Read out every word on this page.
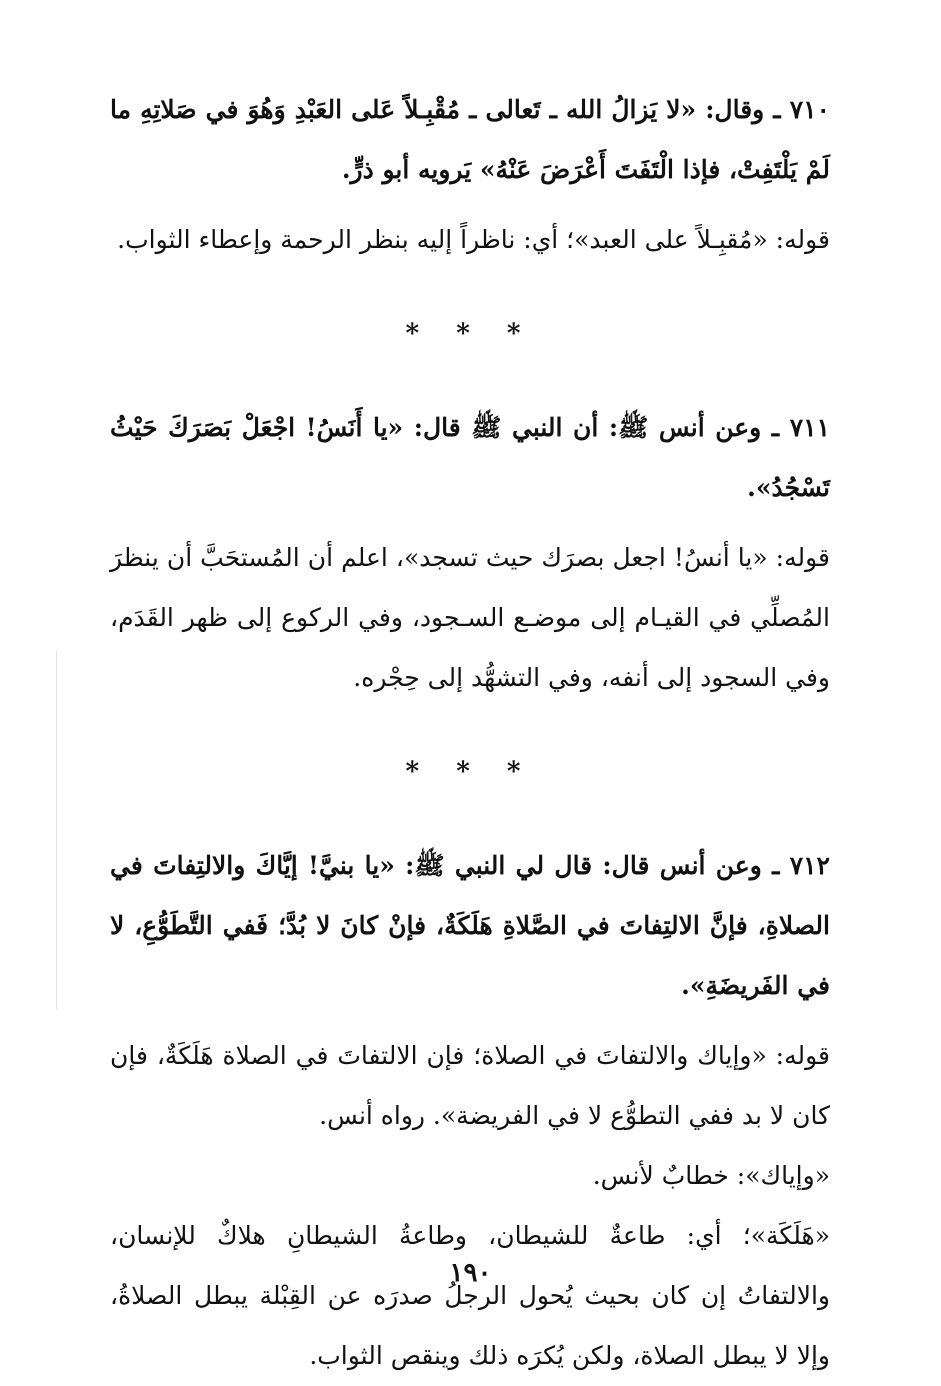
٧١٠ ـ وقال: «لا يَزالُ الله ـ تَعالى ـ مُقْبِـلاً عَلى العَبْدِ وَهُوَ في صَلاتِهِ ما لَمْ يَلْتَفِتْ، فإذا الْتَفَتَ أَعْرَضَ عَنْهُ» يَرويه أبو ذرٍّ.

قوله: «مُقبِـلاً على العبد»؛ أي: ناظراً إليه بنظر الرحمة وإعطاء الثواب.

* * *

٧١١ ـ وعن أنس ﷺ: أن النبي ﷺ قال: «يا أَنَسُ! اجْعَلْ بَصَرَكَ حَيْثُ تَسْجُدُ».

قوله: «يا أنسُ! اجعل بصرَك حيث تسجد»، اعلم أن المُستحَبَّ أن ينظرَ المُصلِّي في القيـام إلى موضـع السـجود، وفي الركوع إلى ظهر القَدَم، وفي السجود إلى أنفه، وفي التشهُّد إلى حِجْره.

* * *

٧١٢ ـ وعن أنس قال: قال لي النبي ﷺ: «يا بنيَّ! إيَّاكَ والالتِفاتَ في الصلاةِ، فإنَّ الالتِفاتَ في الصَّلاةِ هَلَكَةٌ، فإنْ كانَ لا بُدَّ؛ فَفي التَّطَوُّعِ، لا في الفَريضَةِ».

قوله: «وإياك والالتفاتَ في الصلاة؛ فإن الالتفاتَ في الصلاة هَلَكَةٌ، فإن كان لا بد ففي التطوُّع لا في الفريضة». رواه أنس.

«وإياك»: خطابٌ لأنس.

«هَلَكَة»؛ أي: طاعةٌ للشيطان، وطاعةُ الشيطانِ هلاكٌ للإنسان، والالتفاتُ إن كان بحيث يُحول الرجلُ صدرَه عن القِبْلة يبطل الصلاةُ، وإلا لا يبطل الصلاة، ولكن يُكرَه ذلك وينقص الثواب.

١٩٠
